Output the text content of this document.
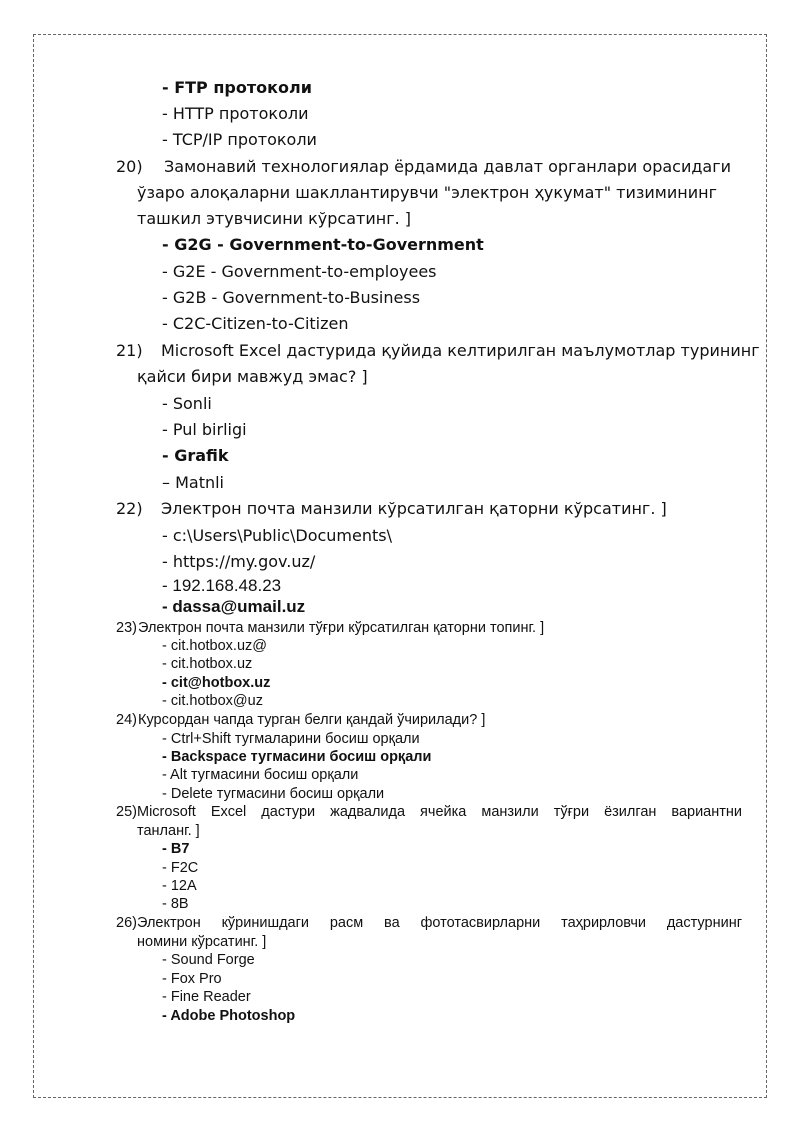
- FTP протоколи
- HTTP протоколи
- TCP/IP протоколи
20) Замонавий технологиялар ёрдамида давлат органлари орасидаги
ўзаро алоқаларни шакллантирувчи "электрон ҳукумат" тизимининг
ташкил этувчисини кўрсатинг. ]
- G2G - Government-to-Government
- G2E - Government-to-employees
- G2B - Government-to-Business
- C2C-Citizen-to-Citizen
21) Microsoft Excel дастурида қуйида келтирилган маълумотлар турининг
қайси бири мавжуд эмас? ]
- Sonli
- Pul birligi
- Grafik
– Matnli
22) Электрон почта манзили кўрсатилган қаторни кўрсатинг. ]
- c:\Users\Public\Documents\
- https://my.gov.uz/
- 192.168.48.23
- dassa@umail.uz
23) Электрон почта манзили тўғри кўрсатилган қаторни топинг. ]
- cit.hotbox.uz@
- cit.hotbox.uz
- cit@hotbox.uz
- cit.hotbox@uz
24) Курсордан чапда турган белги қандай ўчирилади? ]
- Ctrl+Shift тугмаларини босиш орқали
- Backspace тугмасини босиш орқали
- Alt тугмасини босиш орқали
- Delete тугмасини босиш орқали
25) Microsoft Excel дастури жадвалида ячейка манзили тўғри ёзилган вариантни
танланг. ]
- B7
- F2C
- 12A
- 8B
26) Электрон кўринишдаги расм ва фототасвирларни таҳрирловчи дастурнинг
номини кўрсатинг. ]
- Sound Forge
- Fox Pro
- Fine Reader
- Adobe Photoshop
